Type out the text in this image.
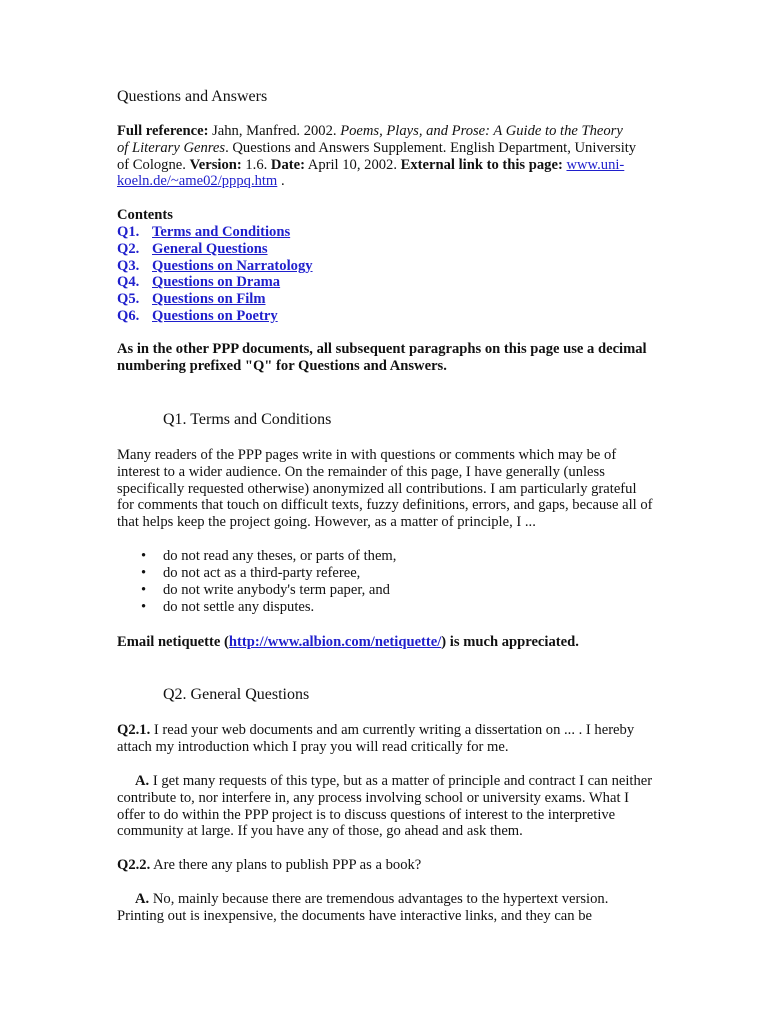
Questions and Answers
Full reference: Jahn, Manfred. 2002. Poems, Plays, and Prose: A Guide to the Theory of Literary Genres. Questions and Answers Supplement. English Department, University of Cologne. Version: 1.6. Date: April 10, 2002. External link to this page: www.uni-koeln.de/~ame02/pppq.htm .
Contents
Q1. Terms and Conditions
Q2. General Questions
Q3. Questions on Narratology
Q4. Questions on Drama
Q5. Questions on Film
Q6. Questions on Poetry
As in the other PPP documents, all subsequent paragraphs on this page use a decimal numbering prefixed "Q" for Questions and Answers.
Q1. Terms and Conditions
Many readers of the PPP pages write in with questions or comments which may be of interest to a wider audience. On the remainder of this page, I have generally (unless specifically requested otherwise) anonymized all contributions. I am particularly grateful for comments that touch on difficult texts, fuzzy definitions, errors, and gaps, because all of that helps keep the project going. However, as a matter of principle, I ...
• do not read any theses, or parts of them,
• do not act as a third-party referee,
• do not write anybody's term paper, and
• do not settle any disputes.
Email netiquette (http://www.albion.com/netiquette/) is much appreciated.
Q2. General Questions
Q2.1. I read your web documents and am currently writing a dissertation on ... . I hereby attach my introduction which I pray you will read critically for me.
A. I get many requests of this type, but as a matter of principle and contract I can neither contribute to, nor interfere in, any process involving school or university exams. What I offer to do within the PPP project is to discuss questions of interest to the interpretive community at large. If you have any of those, go ahead and ask them.
Q2.2. Are there any plans to publish PPP as a book?
A. No, mainly because there are tremendous advantages to the hypertext version. Printing out is inexpensive, the documents have interactive links, and they can be
